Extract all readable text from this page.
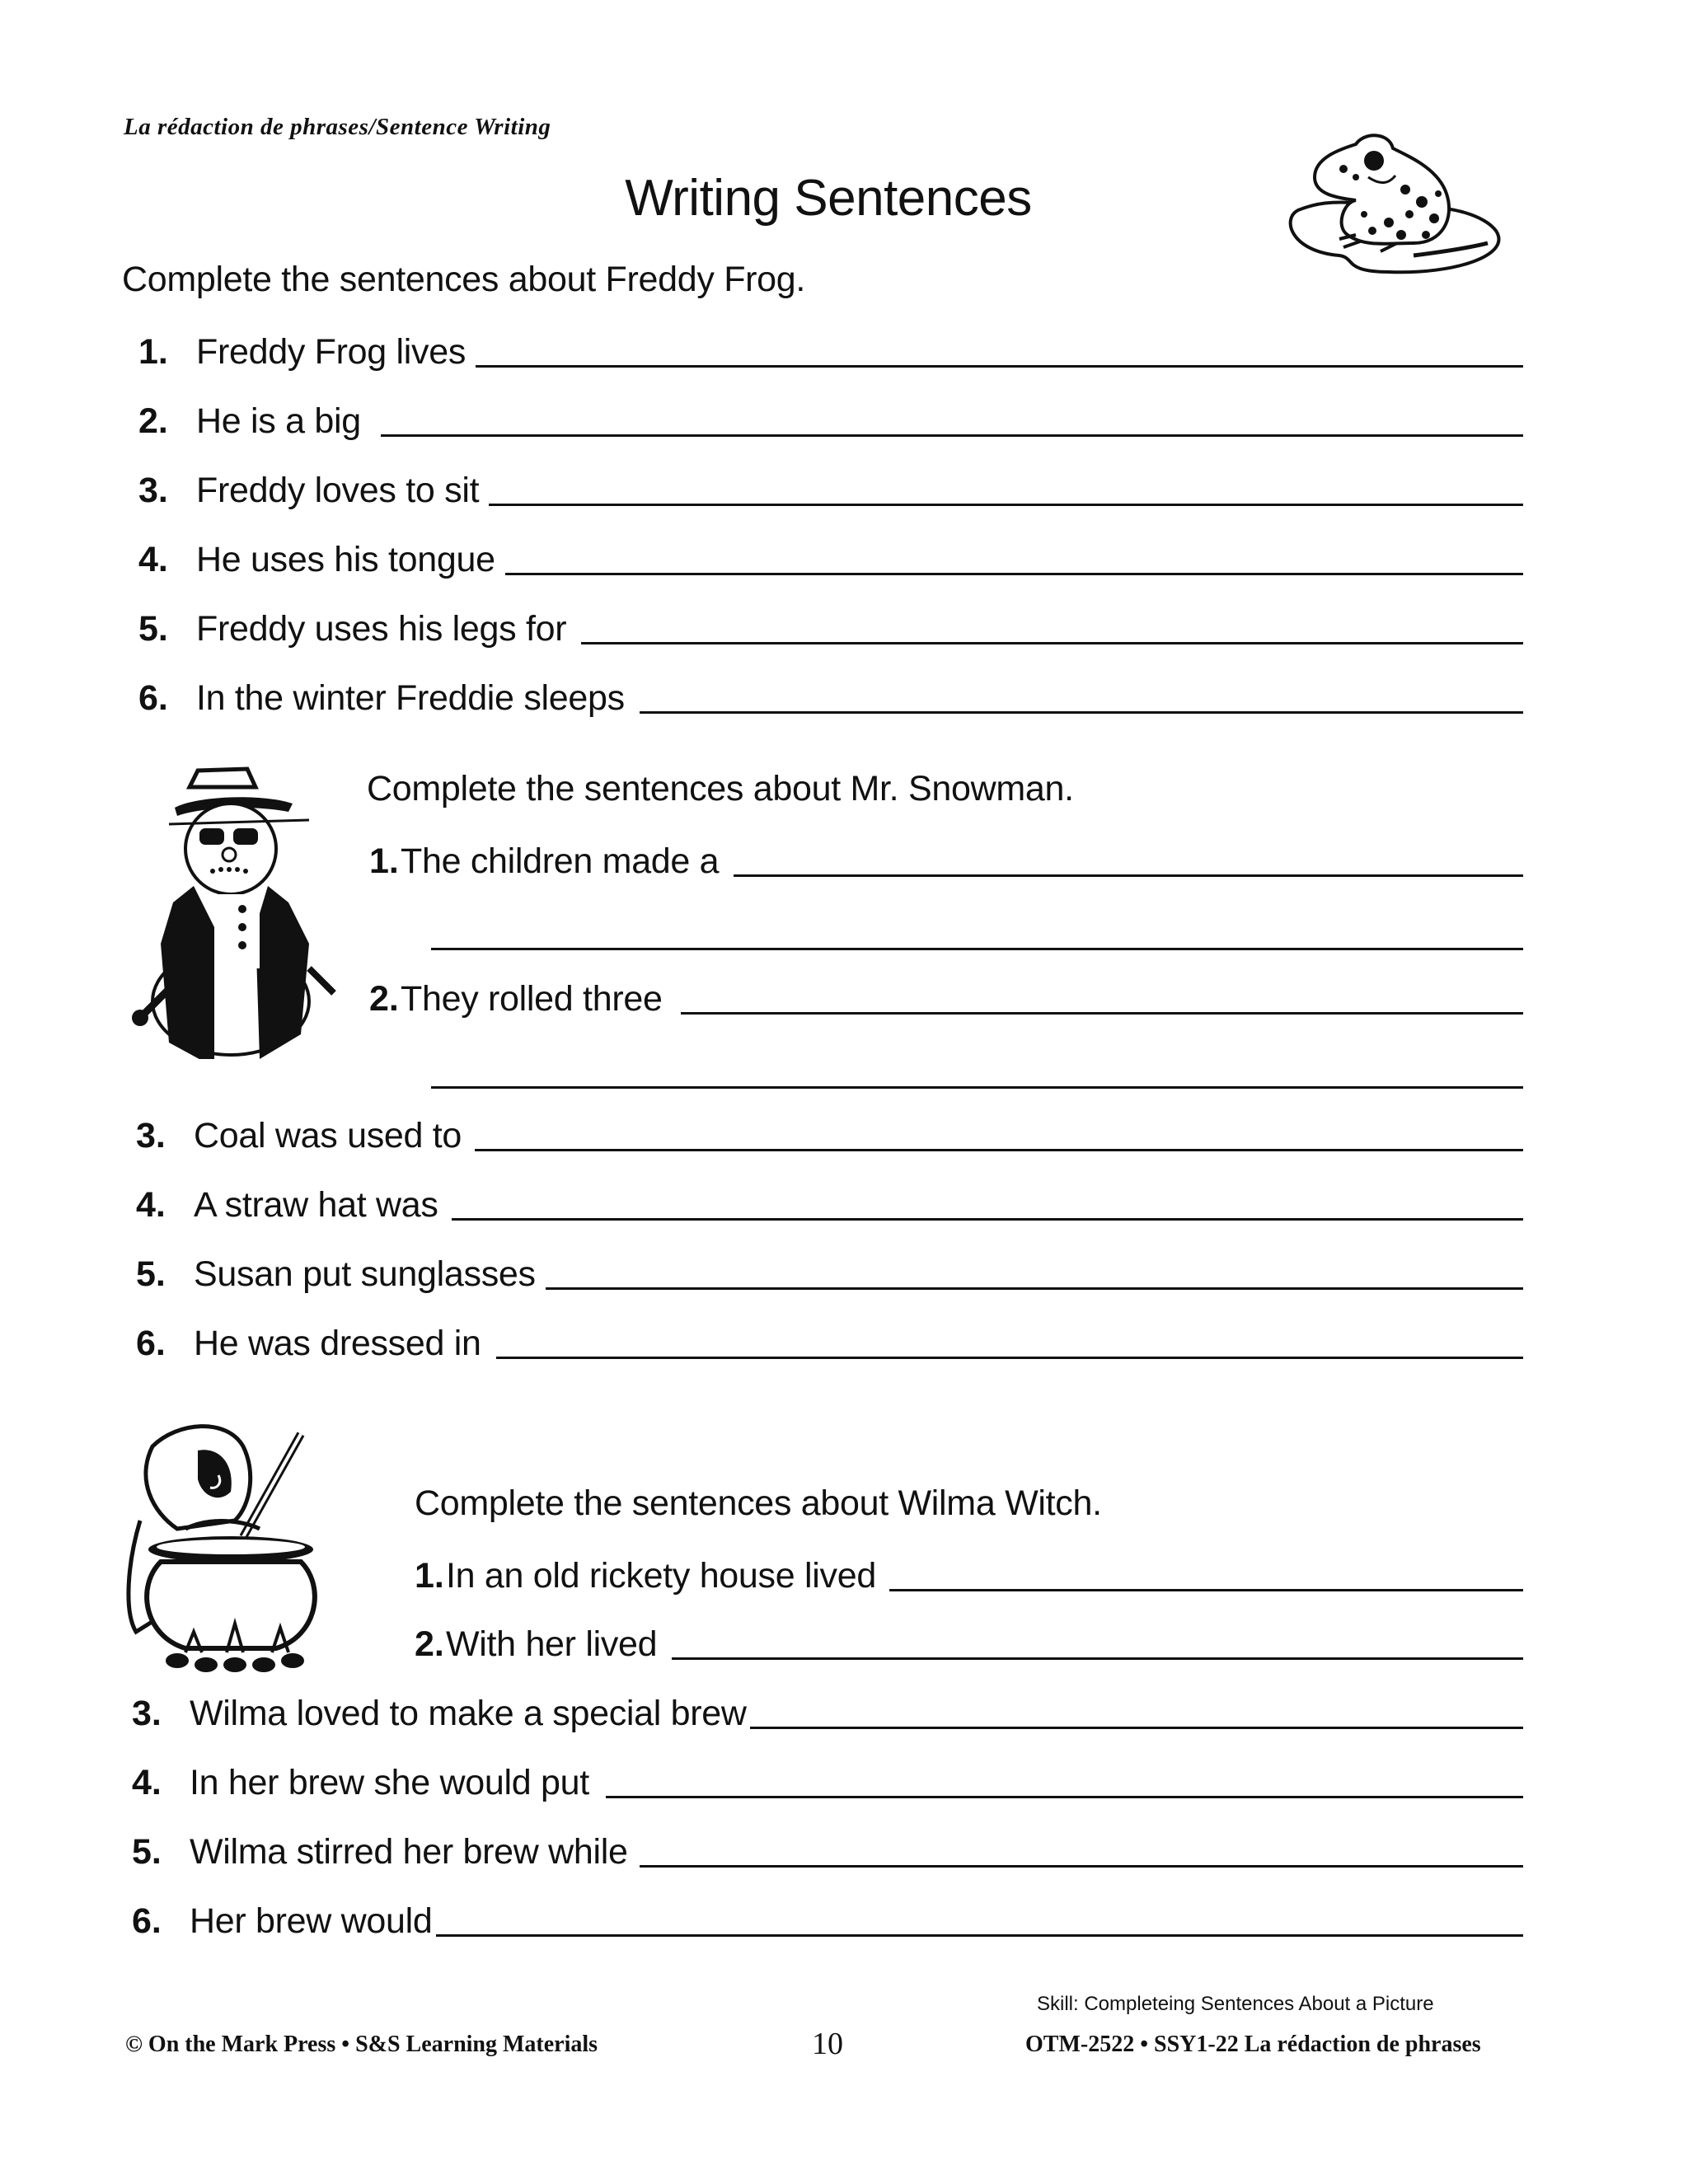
La rédaction de phrases/Sentence Writing
Writing Sentences
Complete the sentences about Freddy Frog.
1. Freddy Frog lives
2. He is a big
3. Freddy loves to sit
4. He uses his tongue
5. Freddy uses his legs for
6. In the winter Freddie sleeps
Complete the sentences about Mr. Snowman.
1. The children made a
2. They rolled three
3. Coal was used to
4. A straw hat was
5. Susan put sunglasses
6. He was dressed in
Complete the sentences about Wilma Witch.
1. In an old rickety house lived
2. With her lived
3. Wilma loved to make a special brew
4. In her brew she would put
5. Wilma stirred her brew while
6. Her brew would
© On the Mark Press • S&S Learning Materials	10
Skill: Completeing Sentences About a Picture
OTM-2522 • SSY1-22 La rédaction de phrases
